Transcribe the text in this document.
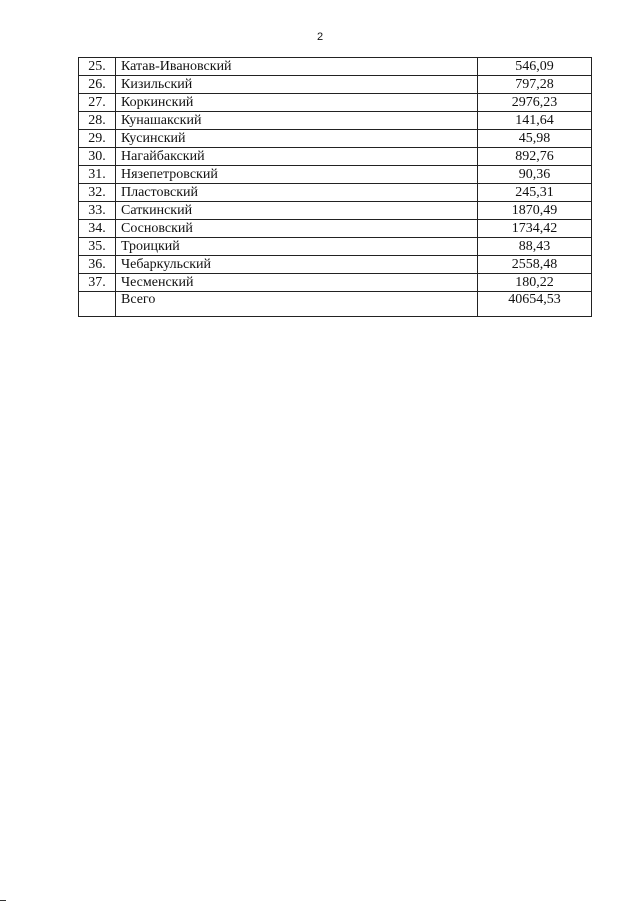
2
25.	Катав-Ивановский	546,09
26.	Кизильский	797,28
27.	Коркинский	2976,23
28.	Кунашакский	141,64
29.	Кусинский	45,98
30.	Нагайбакский	892,76
31.	Нязепетровский	90,36
32.	Пластовский	245,31
33.	Саткинский	1870,49
34.	Сосновский	1734,42
35.	Троицкий	88,43
36.	Чебаркульский	2558,48
37.	Чесменский	180,22
	Всего	40654,53
